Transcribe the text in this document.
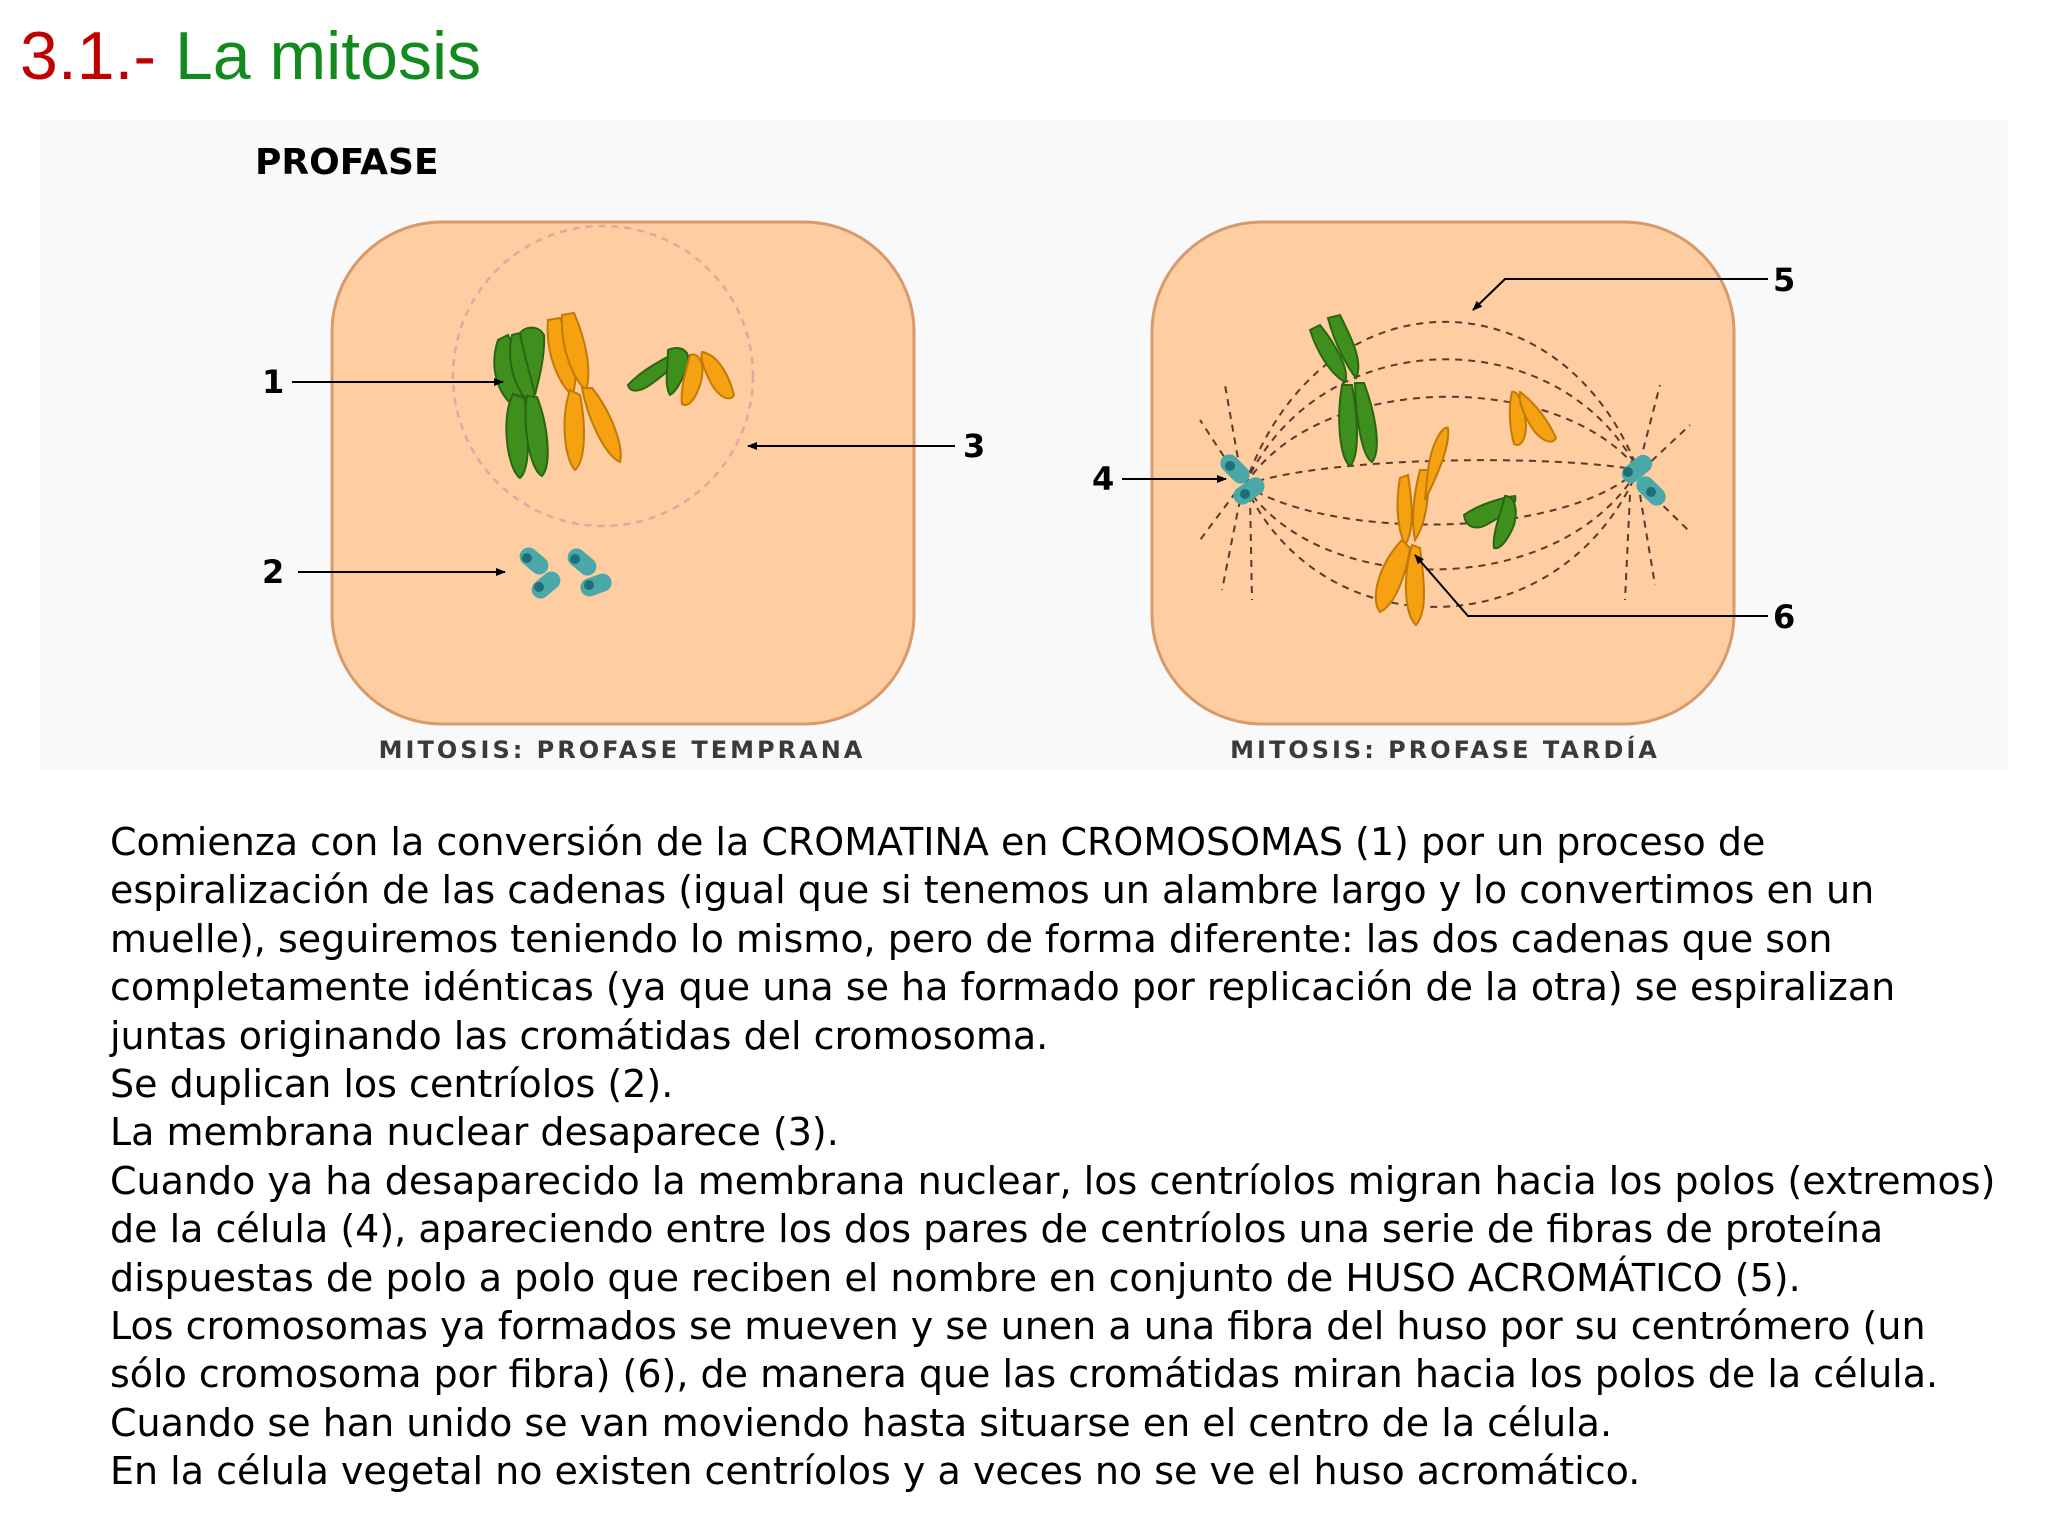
3.1.- La mitosis
PROFASE
1
2
3
MITOSIS: PROFASE TEMPRANA
4
5
6
MITOSIS: PROFASE TARDÍA

Comienza con la conversión de la CROMATINA en CROMOSOMAS (1) por un proceso de espiralización de las cadenas (igual que si tenemos un alambre largo y lo convertimos en un muelle), seguiremos teniendo lo mismo, pero de forma diferente: las dos cadenas que son completamente idénticas (ya que una se ha formado por replicación de la otra) se espiralizan juntas originando las cromátidas del cromosoma.

Se duplican los centríolos (2).

La membrana nuclear desaparece (3).

Cuando ya ha desaparecido la membrana nuclear, los centríolos migran hacia los polos (extremos) de la célula (4), apareciendo entre los dos pares de centríolos una serie de fibras de proteína dispuestas de polo a polo que reciben el nombre en conjunto de HUSO ACROMÁTICO (5).

Los cromosomas ya formados se mueven y se unen a una fibra del huso por su centrómero (un sólo cromosoma por fibra) (6), de manera que las cromátidas miran hacia los polos de la célula.

Cuando se han unido se van moviendo hasta situarse en el centro de la célula.

En la célula vegetal no existen centríolos y a veces no se ve el huso acromático.
